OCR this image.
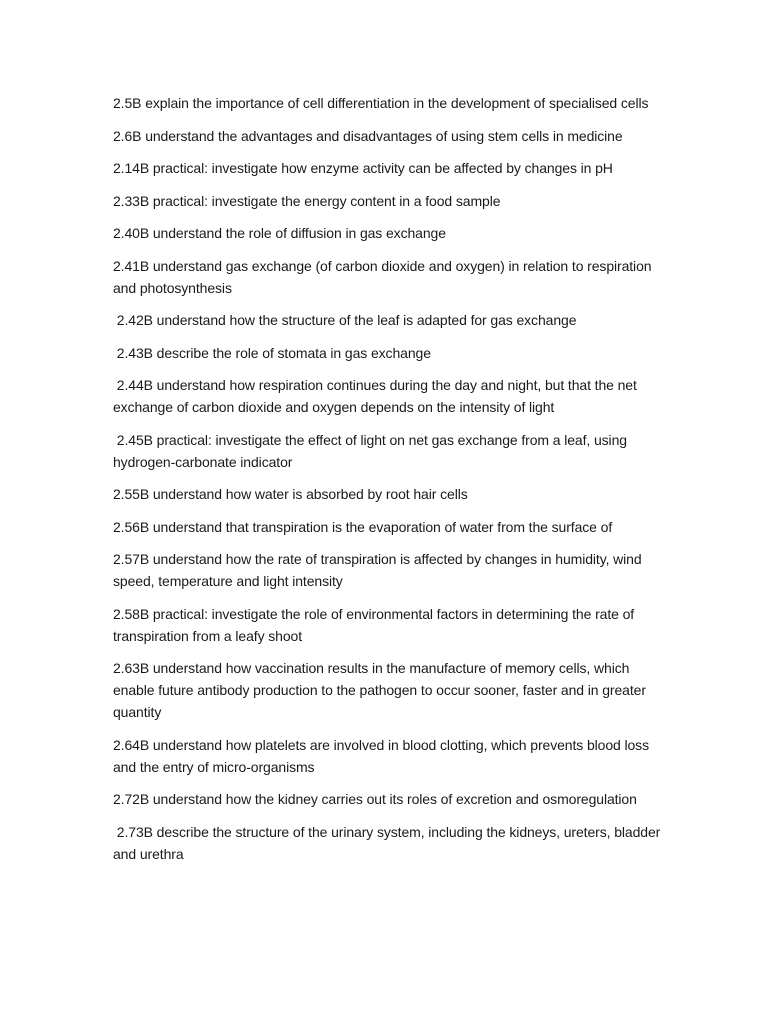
2.5B explain the importance of cell differentiation in the development of specialised cells

2.6B understand the advantages and disadvantages of using stem cells in medicine

2.14B practical: investigate how enzyme activity can be affected by changes in pH

2.33B practical: investigate the energy content in a food sample

2.40B understand the role of diffusion in gas exchange

2.41B understand gas exchange (of carbon dioxide and oxygen) in relation to respiration and photosynthesis

2.42B understand how the structure of the leaf is adapted for gas exchange

2.43B describe the role of stomata in gas exchange

2.44B understand how respiration continues during the day and night, but that the net exchange of carbon dioxide and oxygen depends on the intensity of light

2.45B practical: investigate the effect of light on net gas exchange from a leaf, using hydrogen-carbonate indicator

2.55B understand how water is absorbed by root hair cells

2.56B understand that transpiration is the evaporation of water from the surface of

2.57B understand how the rate of transpiration is affected by changes in humidity, wind speed, temperature and light intensity

2.58B practical: investigate the role of environmental factors in determining the rate of transpiration from a leafy shoot

2.63B understand how vaccination results in the manufacture of memory cells, which enable future antibody production to the pathogen to occur sooner, faster and in greater quantity

2.64B understand how platelets are involved in blood clotting, which prevents blood loss and the entry of micro-organisms

2.72B understand how the kidney carries out its roles of excretion and osmoregulation

2.73B describe the structure of the urinary system, including the kidneys, ureters, bladder and urethra
